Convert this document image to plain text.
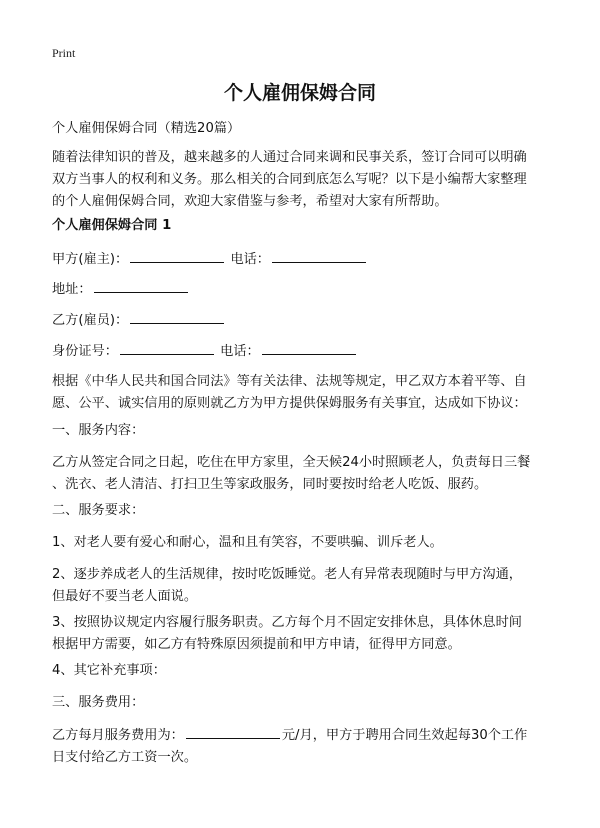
Print
个人雇佣保姆合同
个人雇佣保姆合同（精选20篇）
随着法律知识的普及，越来越多的人通过合同来调和民事关系，签订合同可以明确
双方当事人的权利和义务。那么相关的合同到底怎么写呢？以下是小编帮大家整理
的个人雇佣保姆合同，欢迎大家借鉴与参考，希望对大家有所帮助。
个人雇佣保姆合同 1
甲方(雇主)：	电话：
地址：
乙方(雇员)：
身份证号：	电话：
根据《中华人民共和国合同法》等有关法律、法规等规定，甲乙双方本着平等、自
愿、公平、诚实信用的原则就乙方为甲方提供保姆服务有关事宜，达成如下协议：
一、服务内容：
乙方从签定合同之日起，吃住在甲方家里，全天候24小时照顾老人，负责每日三餐
、洗衣、老人清洁、打扫卫生等家政服务，同时要按时给老人吃饭、服药。
二、服务要求：
1、对老人要有爱心和耐心，温和且有笑容，不要哄骗、训斥老人。
2、逐步养成老人的生活规律，按时吃饭睡觉。老人有异常表现随时与甲方沟通，
但最好不要当老人面说。
3、按照协议规定内容履行服务职责。乙方每个月不固定安排休息，具体休息时间
根据甲方需要，如乙方有特殊原因须提前和甲方申请，征得甲方同意。
4、其它补充事项：
三、服务费用：
乙方每月服务费用为：	元/月，甲方于聘用合同生效起每30个工作
日支付给乙方工资一次。
